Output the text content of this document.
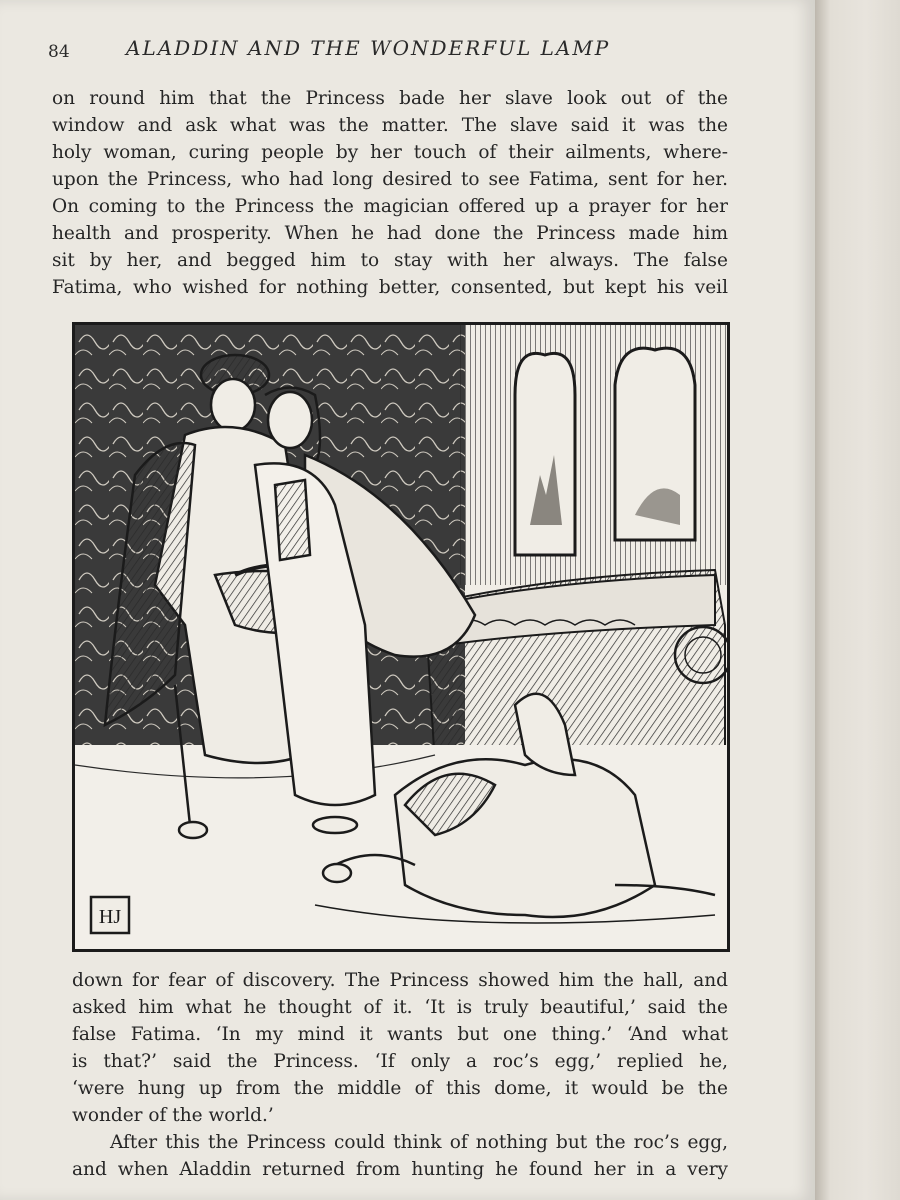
84	ALADDIN AND THE WONDERFUL LAMP
on round him that the Princess bade her slave look out of the
window and ask what was the matter. The slave said it was the
holy woman, curing people by her touch of their ailments, where-
upon the Princess, who had long desired to see Fatima, sent for her.
On coming to the Princess the magician offered up a prayer for her
health and prosperity. When he had done the Princess made him
sit by her, and begged him to stay with her always. The false
Fatima, who wished for nothing better, consented, but kept his veil
HJ
down for fear of discovery. The Princess showed him the hall, and
asked him what he thought of it. ‘It is truly beautiful,’ said the
false Fatima. ‘In my mind it wants but one thing.’ ‘And what
is that?’ said the Princess. ‘If only a roc’s egg,’ replied he,
‘were hung up from the middle of this dome, it would be the
wonder of the world.’
After this the Princess could think of nothing but the roc’s egg,
and when Aladdin returned from hunting he found her in a very
